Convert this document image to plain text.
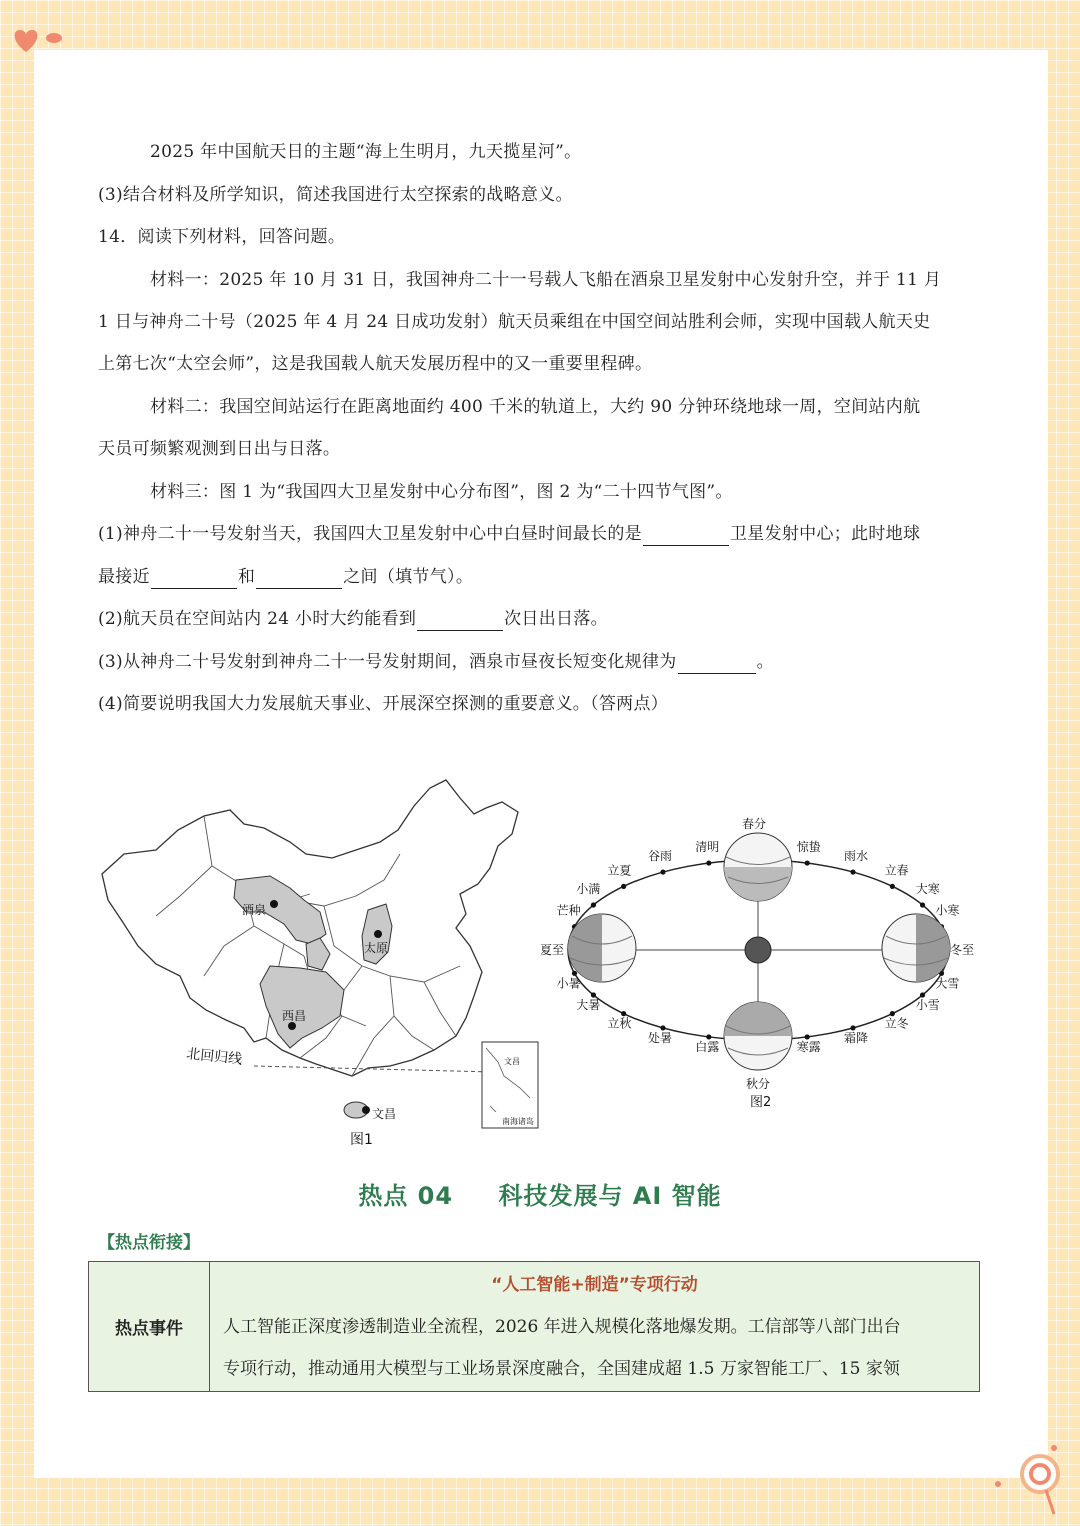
2025 年中国航天日的主题“海上生明月，九天揽星河”。
(3)结合材料及所学知识，简述我国进行太空探索的战略意义。
14．阅读下列材料，回答问题。
材料一：2025 年 10 月 31 日，我国神舟二十一号载人飞船在酒泉卫星发射中心发射升空，并于 11 月
1 日与神舟二十号（2025 年 4 月 24 日成功发射）航天员乘组在中国空间站胜利会师，实现中国载人航天史
上第七次“太空会师”，这是我国载人航天发展历程中的又一重要里程碑。
材料二：我国空间站运行在距离地面约 400 千米的轨道上，大约 90 分钟环绕地球一周，空间站内航
天员可频繁观测到日出与日落。
材料三：图 1 为“我国四大卫星发射中心分布图”，图 2 为“二十四节气图”。
(1)神舟二十一号发射当天，我国四大卫星发射中心中白昼时间最长的是	卫星发射中心；此时地球
最接近	和	之间（填节气）。
(2)航天员在空间站内 24 小时大约能看到	次日出日落。
(3)从神舟二十号发射到神舟二十一号发射期间，酒泉市昼夜长短变化规律为	。
(4)简要说明我国大力发展航天事业、开展深空探测的重要意义。（答两点）
酒泉
太原
西昌
文昌
北回归线	文昌
南海诸岛
图1
春分
清明
谷雨
立夏
小满
芒种
夏至
小暑
大暑
立秋
处暑
白露
秋分
寒露
霜降
立冬
小雪
大雪
冬至
小寒
大寒
立春
雨水
惊蛰
图2
热点 04 科技发展与 AI 智能
【热点衔接】
热点事件	
“人工智能+制造”专项行动
人工智能正深度渗透制造业全流程，2026 年进入规模化落地爆发期。工信部等八部门出台
专项行动，推动通用大模型与工业场景深度融合，全国建成超 1.5 万家智能工厂、15 家领
